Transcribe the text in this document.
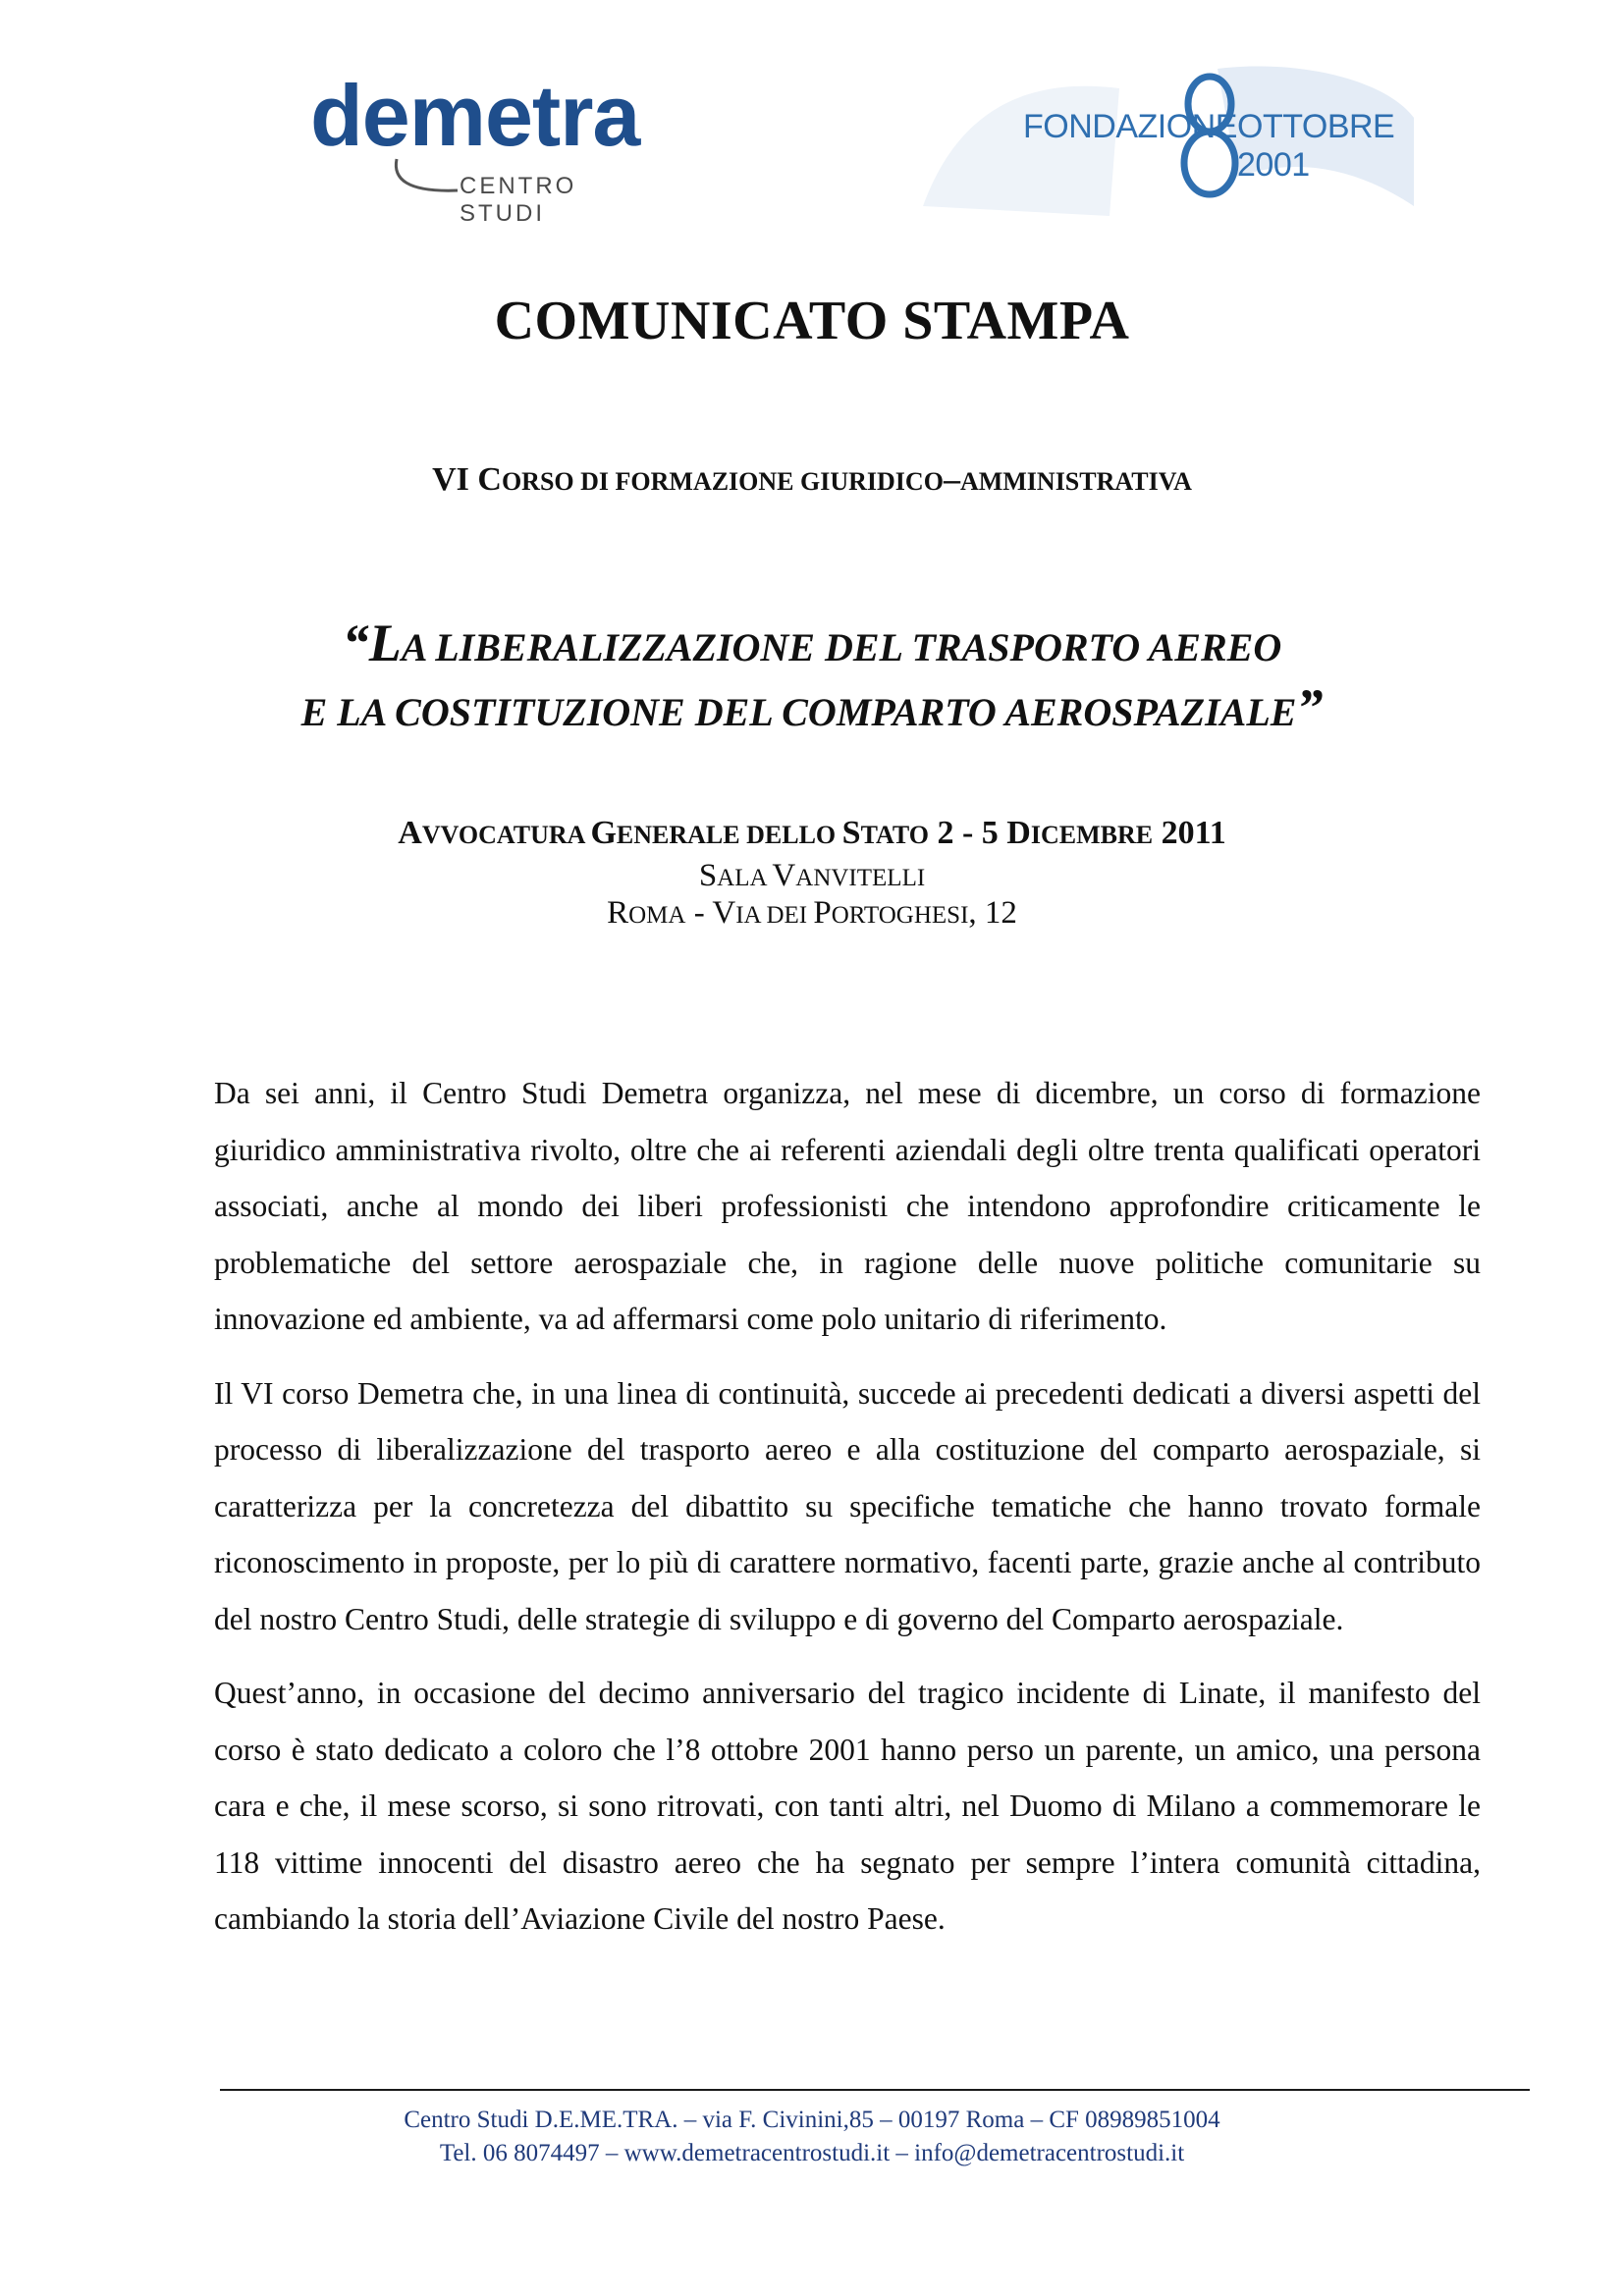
demetra
CENTRO STUDI
FONDAZIONE OTTOBRE 2001
COMUNICATO STAMPA
VI CORSO DI FORMAZIONE GIURIDICO–AMMINISTRATIVA
“LA LIBERALIZZAZIONE DEL TRASPORTO AEREO
E LA COSTITUZIONE DEL COMPARTO AEROSPAZIALE”
AVVOCATURA GENERALE DELLO STATO 2 - 5 DICEMBRE 2011
SALA VANVITELLI
ROMA - VIA DEI PORTOGHESI, 12

Da sei anni, il Centro Studi Demetra organizza, nel mese di dicembre, un corso di formazione giuridico amministrativa rivolto, oltre che ai referenti aziendali degli oltre trenta qualificati operatori associati, anche al mondo dei liberi professionisti che intendono approfondire criticamente le problematiche del settore aerospaziale che, in ragione delle nuove politiche comunitarie su innovazione ed ambiente, va ad affermarsi come polo unitario di riferimento.

Il VI corso Demetra che, in una linea di continuità, succede ai precedenti dedicati a diversi aspetti del processo di liberalizzazione del trasporto aereo e alla costituzione del comparto aerospaziale, si caratterizza per la concretezza del dibattito su specifiche tematiche che hanno trovato formale riconoscimento in proposte, per lo più di carattere normativo, facenti parte, grazie anche al contributo del nostro Centro Studi, delle strategie di sviluppo e di governo del Comparto aerospaziale.

Quest’anno, in occasione del decimo anniversario del tragico incidente di Linate, il manifesto del corso è stato dedicato a coloro che l’8 ottobre 2001 hanno perso un parente, un amico, una persona cara e che, il mese scorso, si sono ritrovati, con tanti altri, nel Duomo di Milano a commemorare le 118 vittime innocenti del disastro aereo che ha segnato per sempre l’intera comunità cittadina, cambiando la storia dell’Aviazione Civile del nostro Paese.

Centro Studi D.E.ME.TRA. – via F. Civinini,85 – 00197 Roma – CF 08989851004
Tel. 06 8074497 – www.demetracentrostudi.it – info@demetracentrostudi.it
